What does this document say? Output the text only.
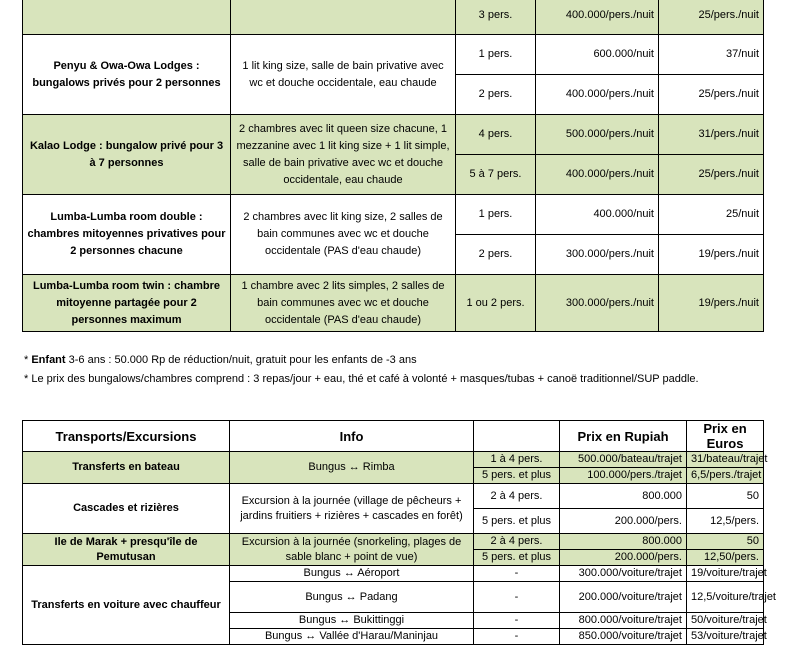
		3 pers.	400.000/pers./nuit	25/pers./nuit
Penyu & Owa-Owa Lodges : bungalows privés pour 2 personnes	1 lit king size, salle de bain privative avec wc et douche occidentale, eau chaude	1 pers.	600.000/nuit	37/nuit
		2 pers.	400.000/pers./nuit	25/pers./nuit
Kalao Lodge : bungalow privé pour 3 à 7 personnes	2 chambres avec lit queen size chacune, 1 mezzanine avec 1 lit king size + 1 lit simple, salle de bain privative avec wc et douche occidentale, eau chaude	4 pers.	500.000/pers./nuit	31/pers./nuit
		5 à 7 pers.	400.000/pers./nuit	25/pers./nuit
Lumba-Lumba room double : chambres mitoyennes privatives pour 2 personnes chacune	2 chambres avec lit king size, 2 salles de bain communes avec wc et douche occidentale (PAS d'eau chaude)	1 pers.	400.000/nuit	25/nuit
		2 pers.	300.000/pers./nuit	19/pers./nuit
Lumba-Lumba room twin : chambre mitoyenne partagée pour 2 personnes maximum	1 chambre avec 2 lits simples, 2 salles de bain communes avec wc et douche occidentale (PAS d'eau chaude)	1 ou 2 pers.	300.000/pers./nuit	19/pers./nuit
* Enfant 3-6 ans : 50.000 Rp de réduction/nuit, gratuit pour les enfants de -3 ans
* Le prix des bungalows/chambres comprend : 3 repas/jour + eau, thé et café à volonté + masques/tubas + canoë traditionnel/SUP paddle.
Transports/Excursions	Info		Prix en Rupiah	Prix en Euros
Transferts en bateau	Bungus ↔ Rimba	1 à 4 pers.	500.000/bateau/trajet	31/bateau/trajet
		5 pers. et plus	100.000/pers./trajet	6,5/pers./trajet
Cascades et rizières	Excursion à la journée (village de pêcheurs + jardins fruitiers + rizières + cascades en forêt)	2 à 4 pers.	800.000	50
		5 pers. et plus	200.000/pers.	12,5/pers.
Ile de Marak + presqu'île de Pemutusan	Excursion à la journée (snorkeling, plages de sable blanc + point de vue)	2 à 4 pers.	800.000	50
		5 pers. et plus	200.000/pers.	12,50/pers.
Transferts en voiture avec chauffeur	Bungus ↔ Aéroport	-	300.000/voiture/trajet	19/voiture/trajet
	Bungus ↔ Padang	-	200.000/voiture/trajet	12,5/voiture/trajet
	Bungus ↔ Bukittinggi	-	800.000/voiture/trajet	50/voiture/trajet
	Bungus ↔ Vallée d'Harau/Maninjau	-	850.000/voiture/trajet	53/voiture/trajet
